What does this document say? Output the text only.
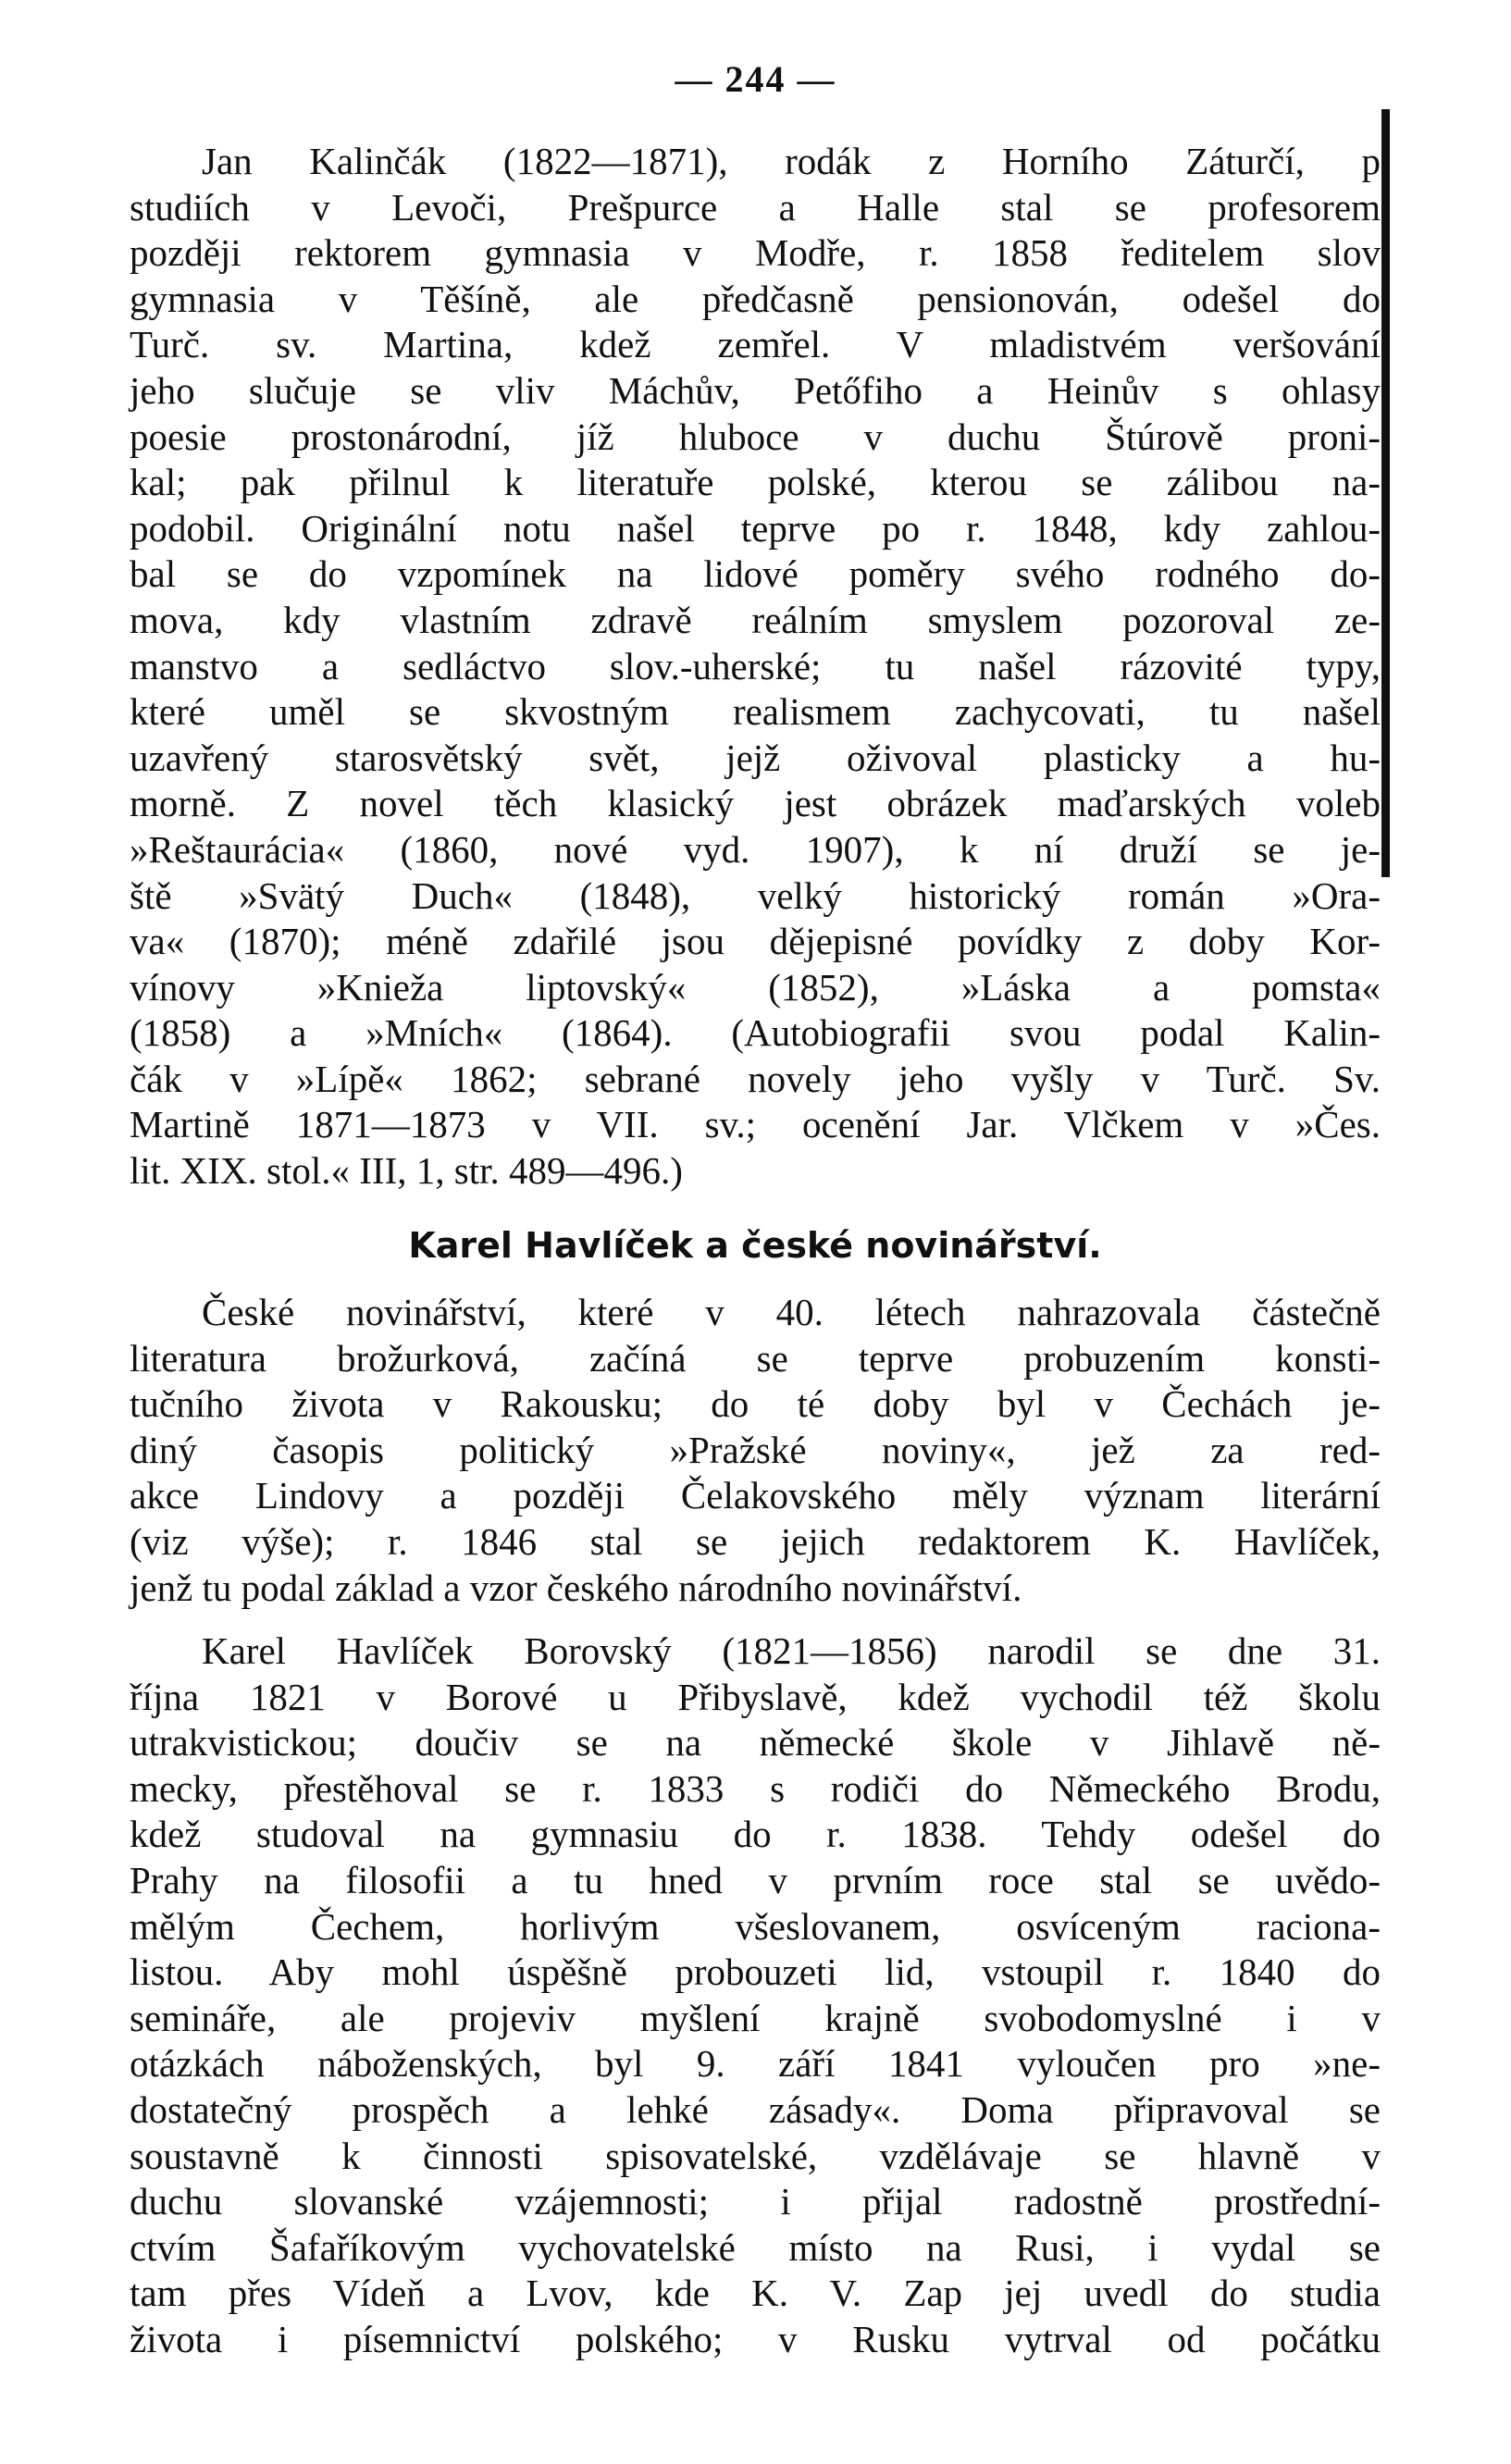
— 244 —
Jan Kalinčák (1822—1871), rodák z Horního Záturčí, p
studiích v Levoči, Prešpurce a Halle stal se profesorem
později rektorem gymnasia v Modře, r. 1858 ředitelem slov
gymnasia v Těšíně, ale předčasně pensionován, odešel do
Turč. sv. Martina, kdež zemřel. V mladistvém veršování
jeho slučuje se vliv Máchův, Petőfiho a Heinův s ohlasy
poesie prostonárodní, jíž hluboce v duchu Štúrově proni-
kal; pak přilnul k literatuře polské, kterou se zálibou na-
podobil. Originální notu našel teprve po r. 1848, kdy zahlou-
bal se do vzpomínek na lidové poměry svého rodného do-
mova, kdy vlastním zdravě reálním smyslem pozoroval ze-
manstvo a sedláctvo slov.-uherské; tu našel rázovité typy,
které uměl se skvostným realismem zachycovati, tu našel
uzavřený starosvětský svět, jejž oživoval plasticky a hu-
morně. Z novel těch klasický jest obrázek maďarských voleb
»Reštaurácia« (1860, nové vyd. 1907), k ní druží se je-
ště »Svätý Duch« (1848), velký historický román »Ora-
va« (1870); méně zdařilé jsou dějepisné povídky z doby Kor-
vínovy »Knieža liptovský« (1852), »Láska a pomsta«
(1858) a »Mních« (1864). (Autobiografii svou podal Kalin-
čák v »Lípě« 1862; sebrané novely jeho vyšly v Turč. Sv.
Martině 1871—1873 v VII. sv.; ocenění Jar. Vlčkem v »Čes.
lit. XIX. stol.« III, 1, str. 489—496.)
Karel Havlíček a české novinářství.
České novinářství, které v 40. létech nahrazovala částečně
literatura brožurková, začíná se teprve probuzením konsti-
tučního života v Rakousku; do té doby byl v Čechách je-
diný časopis politický »Pražské noviny«, jež za red-
akce Lindovy a později Čelakovského měly význam literární
(viz výše); r. 1846 stal se jejich redaktorem K. Havlíček,
jenž tu podal základ a vzor českého národního novinářství.
Karel Havlíček Borovský (1821—1856) narodil se dne 31.
října 1821 v Borové u Přibyslavě, kdež vychodil též školu
utrakvistickou; doučiv se na německé škole v Jihlavě ně-
mecky, přestěhoval se r. 1833 s rodiči do Německého Brodu,
kdež studoval na gymnasiu do r. 1838. Tehdy odešel do
Prahy na filosofii a tu hned v prvním roce stal se uvědo-
mělým Čechem, horlivým všeslovanem, osvíceným raciona-
listou. Aby mohl úspěšně probouzeti lid, vstoupil r. 1840 do
semináře, ale projeviv myšlení krajně svobodomyslné i v
otázkách náboženských, byl 9. září 1841 vyloučen pro »ne-
dostatečný prospěch a lehké zásady«. Doma připravoval se
soustavně k činnosti spisovatelské, vzdělávaje se hlavně v
duchu slovanské vzájemnosti; i přijal radostně prostřední-
ctvím Šafaříkovým vychovatelské místo na Rusi, i vydal se
tam přes Vídeň a Lvov, kde K. V. Zap jej uvedl do studia
života i písemnictví polského; v Rusku vytrval od počátku
